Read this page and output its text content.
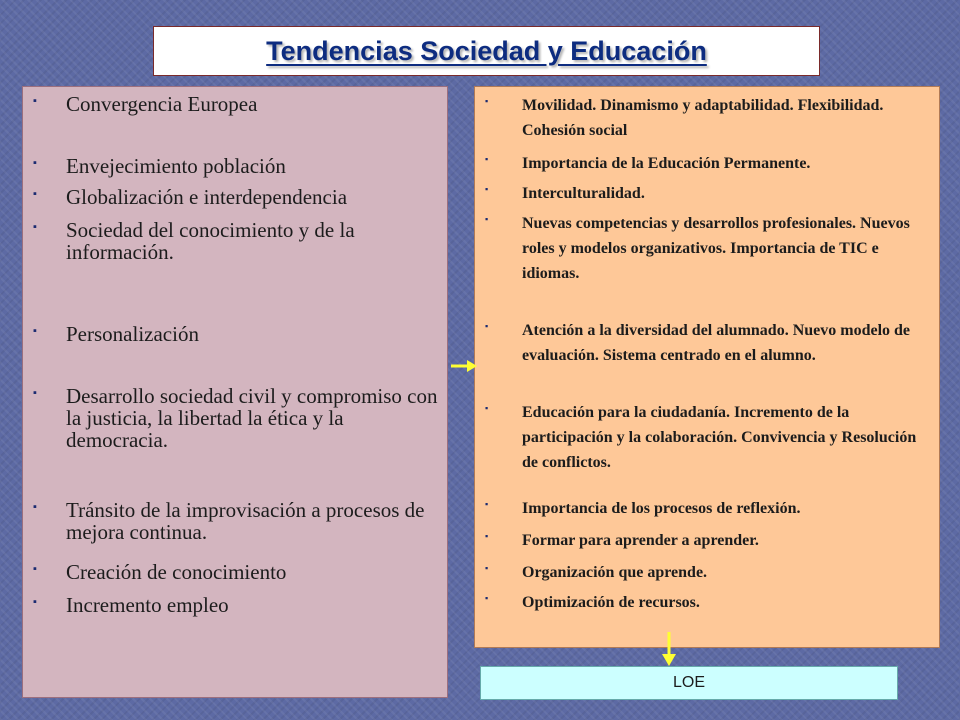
Tendencias Sociedad y Educación
▪ Convergencia Europea
▪ Envejecimiento población
▪ Globalización e interdependencia
▪ Sociedad del conocimiento y de la información.
▪ Personalización
▪ Desarrollo sociedad civil y compromiso con la justicia, la libertad la ética y la democracia.
▪ Tránsito de la improvisación a procesos de mejora continua.
▪ Creación de conocimiento
▪ Incremento empleo
▪ Movilidad. Dinamismo y adaptabilidad. Flexibilidad. Cohesión social
▪ Importancia de la Educación Permanente.
▪ Interculturalidad.
▪ Nuevas competencias y desarrollos profesionales. Nuevos roles y modelos organizativos. Importancia de TIC e idiomas.
▪ Atención a la diversidad del alumnado. Nuevo modelo de evaluación. Sistema centrado en el alumno.
▪ Educación para la ciudadanía. Incremento de la participación y la colaboración. Convivencia y Resolución de conflictos.
▪ Importancia de los procesos de reflexión.
▪ Formar para aprender a aprender.
▪ Organización que aprende.
▪ Optimización de recursos.
LOE
